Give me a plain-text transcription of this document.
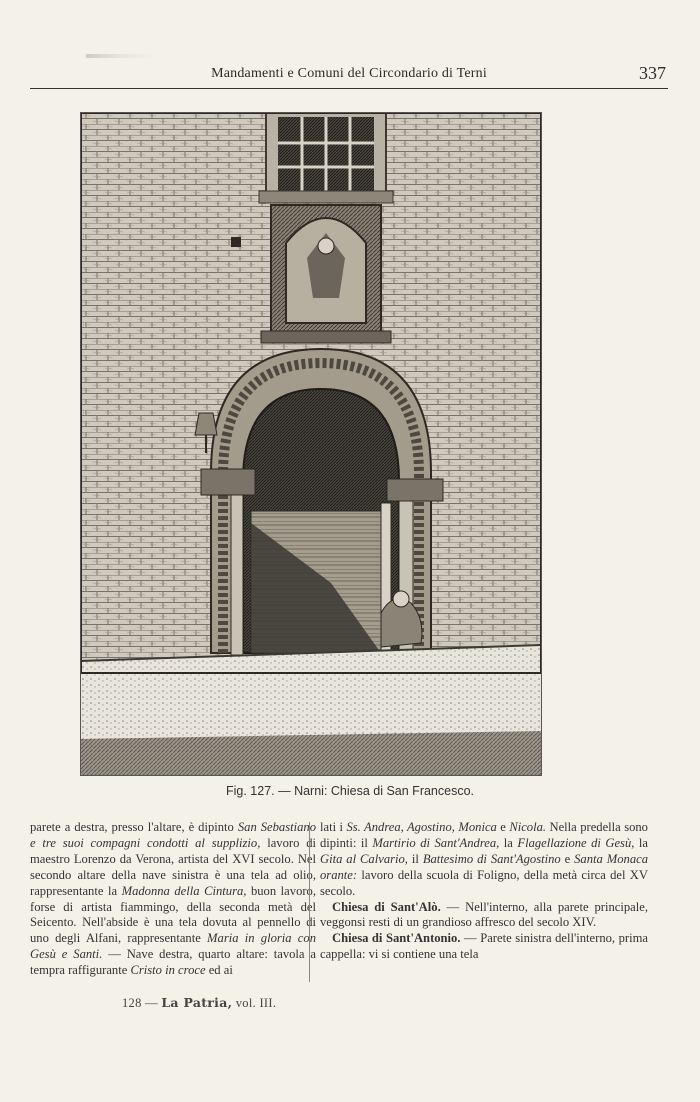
Mandamenti e Comuni del Circondario di Terni	337
Fig. 127. — Narni: Chiesa di San Francesco.

parete a destra, presso l'altare, è dipinto San Sebastiano e tre suoi compagni condotti al supplizio, lavoro di maestro Lorenzo da Verona, artista del XVI secolo. Nel secondo altare della nave sinistra è una tela ad olio, rappresentante la Madonna della Cintura, buon lavoro, forse di artista fiammingo, della seconda metà del Seicento. Nell'abside è una tela dovuta al pennello di uno degli Alfani, rappresentante Maria in gloria con Gesù e Santi. — Nave destra, quarto altare: tavola a tempra raffigurante Cristo in croce ed ai

lati i Ss. Andrea, Agostino, Monica e Nicola. Nella predella sono dipinti: il Martirio di Sant'Andrea, la Flagellazione di Gesù, la Gita al Calvario, il Battesimo di Sant'Agostino e Santa Monaca orante: lavoro della scuola di Foligno, della metà circa del XV secolo.

Chiesa di Sant'Alò. — Nell'interno, alla parete principale, veggonsi resti di un grandioso affresco del secolo XIV.

Chiesa di Sant'Antonio. — Parete sinistra dell'interno, prima cappella: vi si contiene una tela

128 — La Patria, vol. III.
